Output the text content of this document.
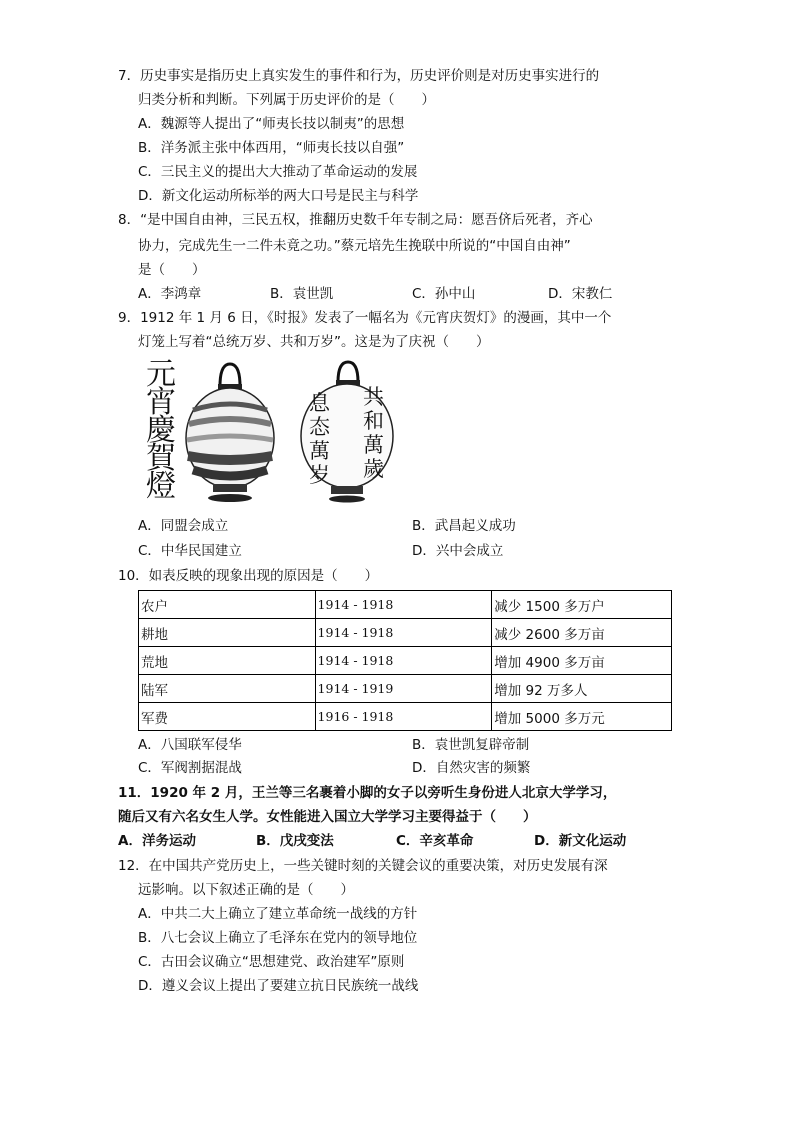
7．历史事实是指历史上真实发生的事件和行为，历史评价则是对历史事实进行的
归类分析和判断。下列属于历史评价的是（　　）
A．魏源等人提出了“师夷长技以制夷”的思想
B．洋务派主张中体西用，“师夷长技以自强”
C．三民主义的提出大大推动了革命运动的发展
D．新文化运动所标举的两大口号是民主与科学
8．“是中国自由神，三民五权，推翻历史数千年专制之局：愿吾侪后死者，齐心
协力，完成先生一二件未竟之功。”蔡元培先生挽联中所说的“中国自由神”
是（　　）
A．李鸿章	B．袁世凯	C．孙中山	D．宋教仁
9．1912 年 1 月 6 日，《时报》发表了一幅名为《元宵庆贺灯》的漫画，其中一个
灯笼上写着“总统万岁、共和万岁”。这是为了庆祝（　　）
元
宵
慶
賀
燈
息 态 萬 岁 共 和 萬 歲
A．同盟会成立	B．武昌起义成功
C．中华民国建立	D．兴中会成立
10．如表反映的现象出现的原因是（　　）
农户	1914 - 1918	减少 1500 多万户
耕地	1914 - 1918	减少 2600 多万亩
荒地	1914 - 1918	增加 4900 多万亩
陆军	1914 - 1919	增加 92 万多人
军费	1916 - 1918	增加 5000 多万元
A．八国联军侵华	B．袁世凯复辟帝制
C．军阀割据混战	D．自然灾害的频繁
11．1920 年 2 月，王兰等三名裹着小脚的女子以旁听生身份进人北京大学学习，
随后又有六名女生人学。女性能进入国立大学学习主要得益于（　　）
A．洋务运动	B．戊戌变法	C．辛亥革命	D．新文化运动
12．在中国共产党历史上，一些关键时刻的关键会议的重要决策，对历史发展有深
远影响。以下叙述正确的是（　　）
A．中共二大上确立了建立革命统一战线的方针
B．八七会议上确立了毛泽东在党内的领导地位
C．古田会议确立“思想建党、政治建军”原则
D．遵义会议上提出了要建立抗日民族统一战线
